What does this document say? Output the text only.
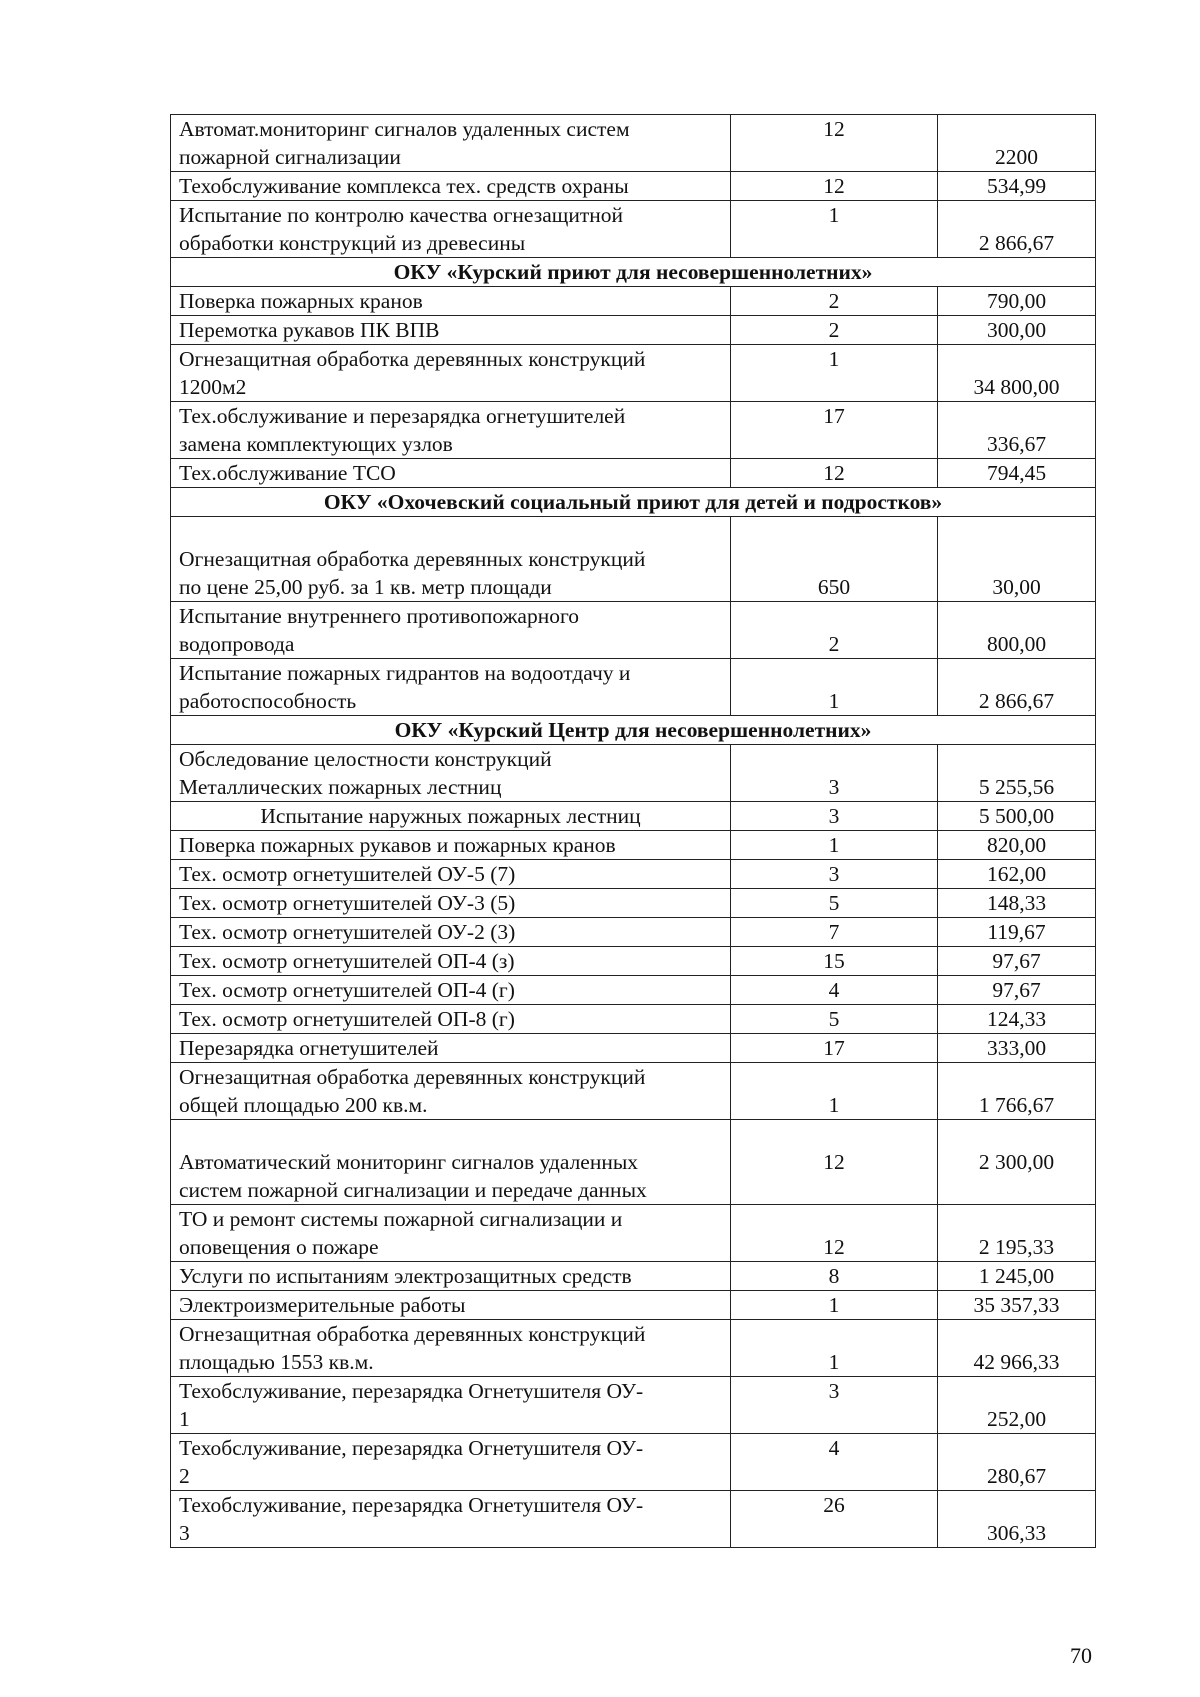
Автомат.мониторинг сигналов удаленных систем
пожарной сигнализации	12	2200
Техобслуживание комплекса тех. средств охраны	12	534,99
Испытание по контролю качества огнезащитной
обработки конструкций из древесины	1	2 866,67
ОКУ «Курский приют для несовершеннолетних»		
Поверка пожарных кранов	2	790,00
Перемотка рукавов ПК ВПВ	2	300,00
Огнезащитная обработка деревянных конструкций
1200м2	1	34 800,00
Тех.обслуживание и перезарядка огнетушителей
замена комплектующих узлов	17	336,67
Тех.обслуживание ТСО	12	794,45
ОКУ «Охочевский социальный приют для детей и подростков»		
Огнезащитная обработка деревянных конструкций
по цене 25,00 руб. за 1 кв. метр площади	650	30,00
Испытание внутреннего противопожарного
водопровода	2	800,00
Испытание пожарных гидрантов на водоотдачу и
работоспособность	1	2 866,67
ОКУ «Курский Центр для несовершеннолетних»		
Обследование целостности конструкций
Металлических пожарных лестниц	3	5 255,56
Испытание наружных пожарных лестниц	3	5 500,00
Поверка пожарных рукавов и пожарных кранов	1	820,00
Тех. осмотр огнетушителей ОУ-5 (7)	3	162,00
Тех. осмотр огнетушителей ОУ-3 (5)	5	148,33
Тех. осмотр огнетушителей ОУ-2 (3)	7	119,67
Тех. осмотр огнетушителей ОП-4 (з)	15	97,67
Тех. осмотр огнетушителей ОП-4 (г)	4	97,67
Тех. осмотр огнетушителей ОП-8 (г)	5	124,33
Перезарядка огнетушителей	17	333,00
Огнезащитная обработка деревянных конструкций
общей площадью 200 кв.м.	1	1 766,67
Автоматический мониторинг сигналов удаленных
систем пожарной сигнализации и передаче данных	12	2 300,00
ТО и ремонт системы пожарной сигнализации и
оповещения о пожаре	12	2 195,33
Услуги по испытаниям электрозащитных средств	8	1 245,00
Электроизмерительные работы	1	35 357,33
Огнезащитная обработка деревянных конструкций
площадью 1553 кв.м.	1	42 966,33
Техобслуживание, перезарядка Огнетушителя ОУ-
1	3	252,00
Техобслуживание, перезарядка Огнетушителя ОУ-
2	4	280,67
Техобслуживание, перезарядка Огнетушителя ОУ-
3	26	306,33
70
